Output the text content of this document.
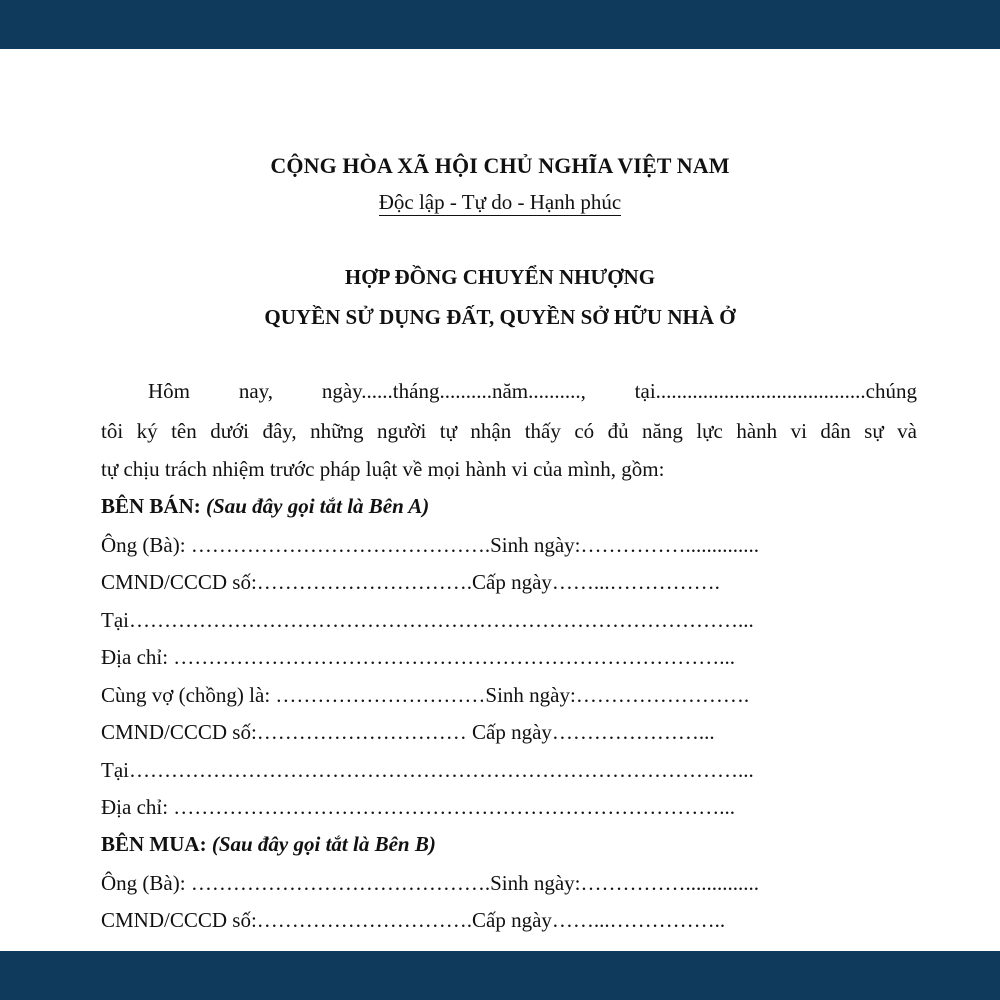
CỘNG HÒA XÃ HỘI CHỦ NGHĨA VIỆT NAM
Độc lập - Tự do - Hạnh phúc
HỢP ĐỒNG CHUYỂN NHƯỢNG
QUYỀN SỬ DỤNG ĐẤT, QUYỀN SỞ HỮU NHÀ Ở
Hôm nay, ngày......tháng..........năm.........., tại........................................chúng
tôi ký tên dưới đây, những người tự nhận thấy có đủ năng lực hành vi dân sự và
tự chịu trách nhiệm trước pháp luật về mọi hành vi của mình, gồm:
BÊN BÁN: (Sau đây gọi tắt là Bên A)
Ông (Bà): …………………………………….Sinh ngày:……………..............
CMND/CCCD số:………………………….Cấp ngày……...…………….
Tại……………………………………………………………………………...
Địa chỉ: ……………………………………………………………………...
Cùng vợ (chồng) là: …………………………Sinh ngày:…………………….
CMND/CCCD số:………………………… Cấp ngày…………………...
Tại……………………………………………………………………………...
Địa chỉ: ……………………………………………………………………...
BÊN MUA: (Sau đây gọi tắt là Bên B)
Ông (Bà): …………………………………….Sinh ngày:……………..............
CMND/CCCD số:………………………….Cấp ngày……...……………..
